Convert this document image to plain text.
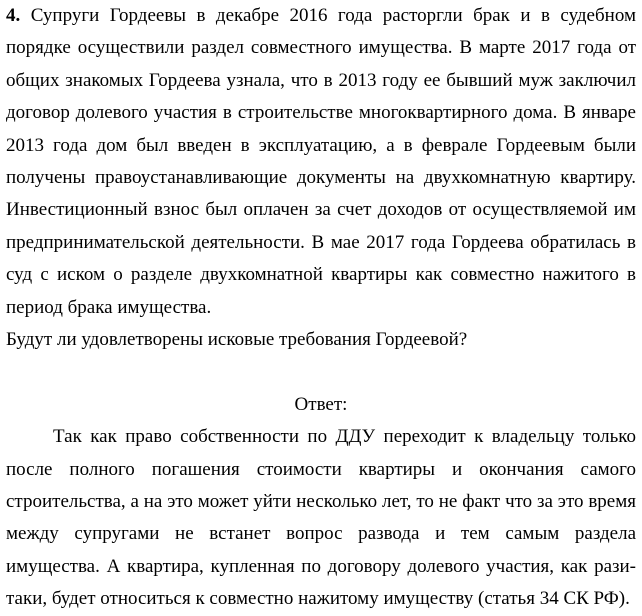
4. Супруги Гордеевы в декабре 2016 года расторгли брак и в судебном порядке осуществили раздел совместного имущества. В марте 2017 года от общих знакомых Гордеева узнала, что в 2013 году ее бывший муж заключил договор долевого участия в строительстве многоквартирного дома. В январе 2013 года дом был введен в эксплуатацию, а в феврале Гордеевым были получены правоустанавливающие документы на двухкомнатную квартиру. Инвестиционный взнос был оплачен за счет доходов от осуществляемой им предпринимательской деятельности. В мае 2017 года Гордеева обратилась в суд с иском о разделе двухкомнатной квартиры как совместно нажитого в период брака имущества.

Будут ли удовлетворены исковые требования Гордеевой?

Ответ:

Так как право собственности по ДДУ переходит к владельцу только после полного погашения стоимости квартиры и окончания самого строительства, а на это может уйти несколько лет, то не факт что за это время между супругами не встанет вопрос развода и тем самым раздела имущества. А квартира, купленная по договору долевого участия, как рази-таки, будет относиться к совместно нажитому имуществу (статья 34 СК РФ).
